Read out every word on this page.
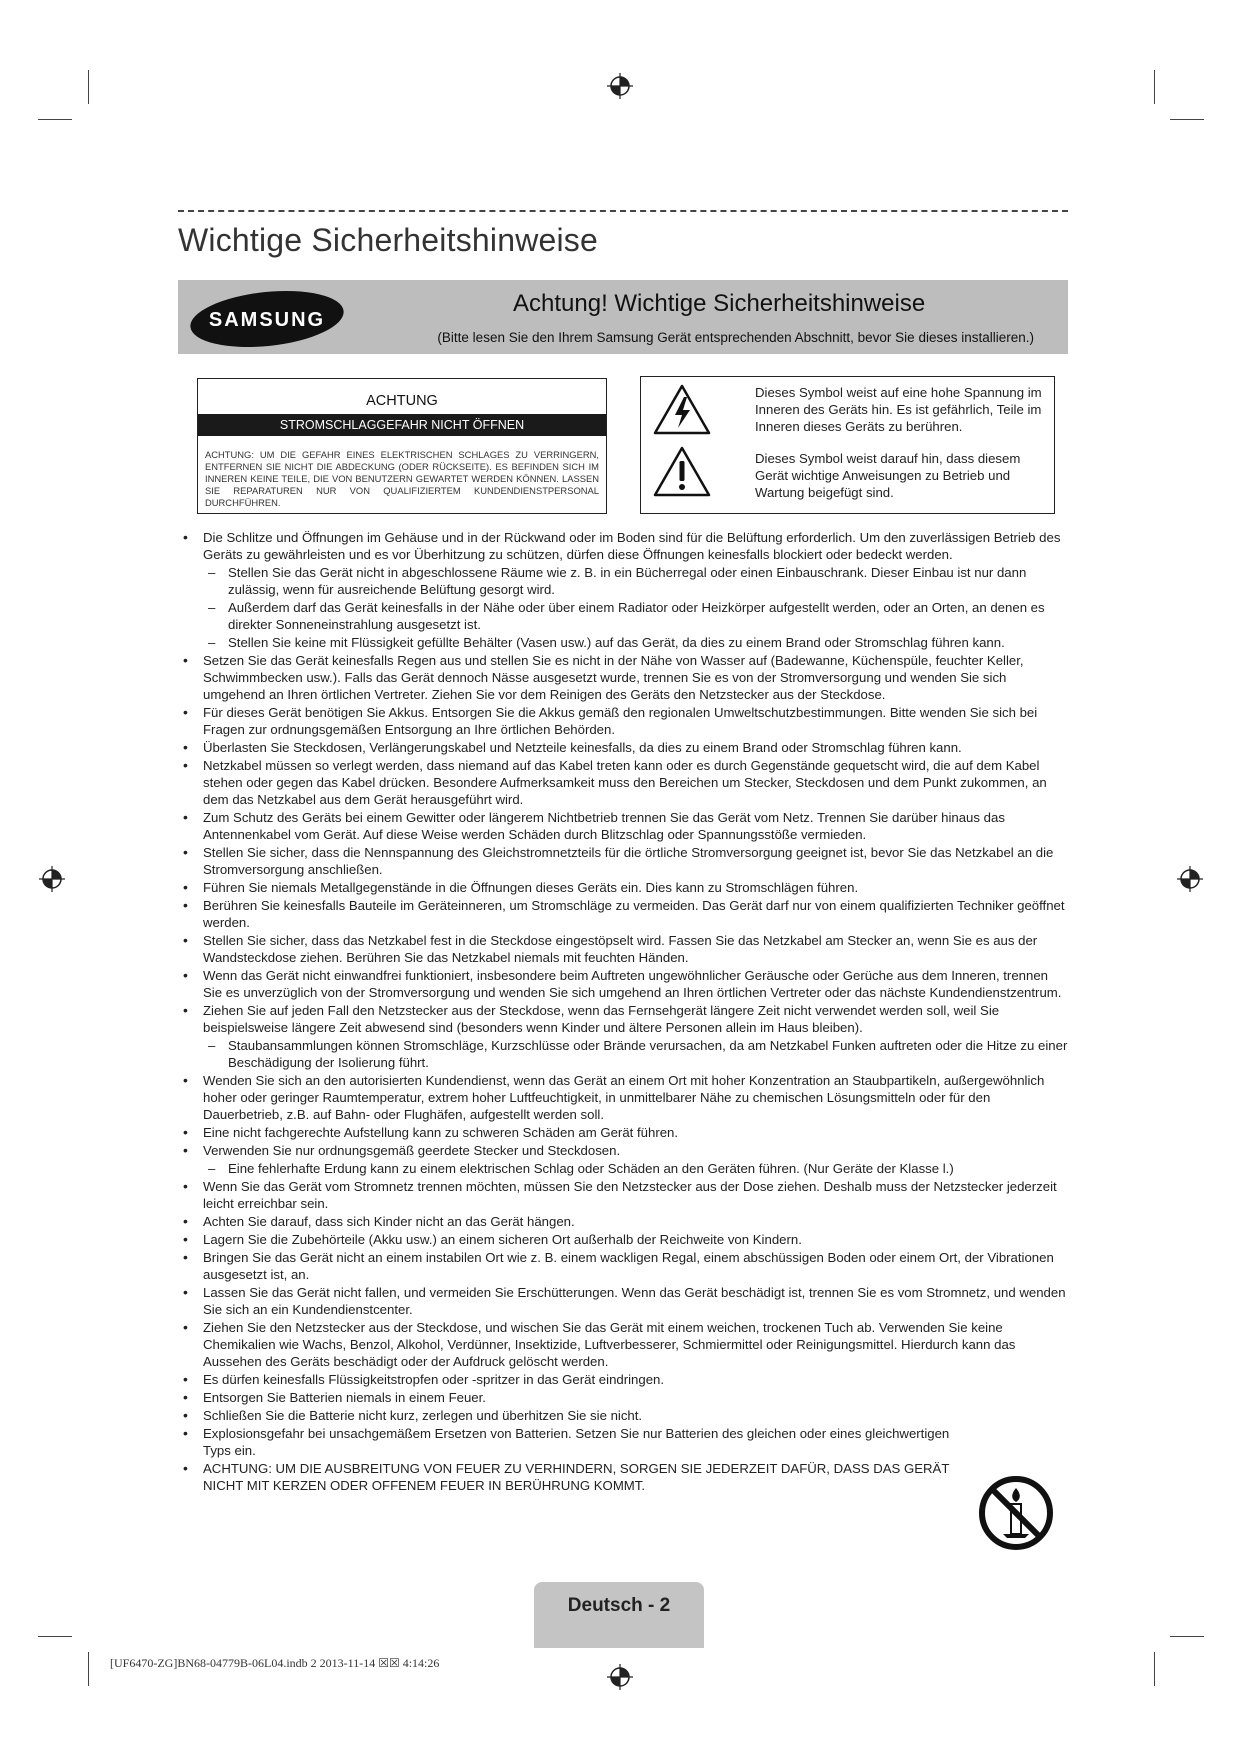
Wichtige Sicherheitshinweise
SAMSUNG
Achtung! Wichtige Sicherheitshinweise
(Bitte lesen Sie den Ihrem Samsung Gerät entsprechenden Abschnitt, bevor Sie dieses installieren.)
ACHTUNG
STROMSCHLAGGEFAHR NICHT ÖFFNEN
ACHTUNG: UM DIE GEFAHR EINES ELEKTRISCHEN SCHLAGES ZU VERRINGERN, ENTFERNEN SIE NICHT DIE ABDECKUNG (ODER RÜCKSEITE). ES BEFINDEN SICH IM INNEREN KEINE TEILE, DIE VON BENUTZERN GEWARTET WERDEN KÖNNEN. LASSEN SIE REPARATUREN NUR VON QUALIFIZIERTEM KUNDENDIENSTPERSONAL DURCHFÜHREN.
Dieses Symbol weist auf eine hohe Spannung im Inneren des Geräts hin. Es ist gefährlich, Teile im Inneren dieses Geräts zu berühren.
Dieses Symbol weist darauf hin, dass diesem Gerät wichtige Anweisungen zu Betrieb und Wartung beigefügt sind.
• Die Schlitze und Öffnungen im Gehäuse und in der Rückwand oder im Boden sind für die Belüftung erforderlich. Um den zuverlässigen Betrieb des Geräts zu gewährleisten und es vor Überhitzung zu schützen, dürfen diese Öffnungen keinesfalls blockiert oder bedeckt werden.
– Stellen Sie das Gerät nicht in abgeschlossene Räume wie z. B. in ein Bücherregal oder einen Einbauschrank. Dieser Einbau ist nur dann zulässig, wenn für ausreichende Belüftung gesorgt wird.
– Außerdem darf das Gerät keinesfalls in der Nähe oder über einem Radiator oder Heizkörper aufgestellt werden, oder an Orten, an denen es direkter Sonneneinstrahlung ausgesetzt ist.
– Stellen Sie keine mit Flüssigkeit gefüllte Behälter (Vasen usw.) auf das Gerät, da dies zu einem Brand oder Stromschlag führen kann.
• Setzen Sie das Gerät keinesfalls Regen aus und stellen Sie es nicht in der Nähe von Wasser auf (Badewanne, Küchenspüle, feuchter Keller, Schwimmbecken usw.). Falls das Gerät dennoch Nässe ausgesetzt wurde, trennen Sie es von der Stromversorgung und wenden Sie sich umgehend an Ihren örtlichen Vertreter. Ziehen Sie vor dem Reinigen des Geräts den Netzstecker aus der Steckdose.
• Für dieses Gerät benötigen Sie Akkus. Entsorgen Sie die Akkus gemäß den regionalen Umweltschutzbestimmungen. Bitte wenden Sie sich bei Fragen zur ordnungsgemäßen Entsorgung an Ihre örtlichen Behörden.
• Überlasten Sie Steckdosen, Verlängerungskabel und Netzteile keinesfalls, da dies zu einem Brand oder Stromschlag führen kann.
• Netzkabel müssen so verlegt werden, dass niemand auf das Kabel treten kann oder es durch Gegenstände gequetscht wird, die auf dem Kabel stehen oder gegen das Kabel drücken. Besondere Aufmerksamkeit muss den Bereichen um Stecker, Steckdosen und dem Punkt zukommen, an dem das Netzkabel aus dem Gerät herausgeführt wird.
• Zum Schutz des Geräts bei einem Gewitter oder längerem Nichtbetrieb trennen Sie das Gerät vom Netz. Trennen Sie darüber hinaus das Antennenkabel vom Gerät. Auf diese Weise werden Schäden durch Blitzschlag oder Spannungsstöße vermieden.
• Stellen Sie sicher, dass die Nennspannung des Gleichstromnetzteils für die örtliche Stromversorgung geeignet ist, bevor Sie das Netzkabel an die Stromversorgung anschließen.
• Führen Sie niemals Metallgegenstände in die Öffnungen dieses Geräts ein. Dies kann zu Stromschlägen führen.
• Berühren Sie keinesfalls Bauteile im Geräteinneren, um Stromschläge zu vermeiden. Das Gerät darf nur von einem qualifizierten Techniker geöffnet werden.
• Stellen Sie sicher, dass das Netzkabel fest in die Steckdose eingestöpselt wird. Fassen Sie das Netzkabel am Stecker an, wenn Sie es aus der Wandsteckdose ziehen. Berühren Sie das Netzkabel niemals mit feuchten Händen.
• Wenn das Gerät nicht einwandfrei funktioniert, insbesondere beim Auftreten ungewöhnlicher Geräusche oder Gerüche aus dem Inneren, trennen Sie es unverzüglich von der Stromversorgung und wenden Sie sich umgehend an Ihren örtlichen Vertreter oder das nächste Kundendienstzentrum.
• Ziehen Sie auf jeden Fall den Netzstecker aus der Steckdose, wenn das Fernsehgerät längere Zeit nicht verwendet werden soll, weil Sie beispielsweise längere Zeit abwesend sind (besonders wenn Kinder und ältere Personen allein im Haus bleiben).
– Staubansammlungen können Stromschläge, Kurzschlüsse oder Brände verursachen, da am Netzkabel Funken auftreten oder die Hitze zu einer Beschädigung der Isolierung führt.
• Wenden Sie sich an den autorisierten Kundendienst, wenn das Gerät an einem Ort mit hoher Konzentration an Staubpartikeln, außergewöhnlich hoher oder geringer Raumtemperatur, extrem hoher Luftfeuchtigkeit, in unmittelbarer Nähe zu chemischen Lösungsmitteln oder für den Dauerbetrieb, z.B. auf Bahn- oder Flughäfen, aufgestellt werden soll.
• Eine nicht fachgerechte Aufstellung kann zu schweren Schäden am Gerät führen.
• Verwenden Sie nur ordnungsgemäß geerdete Stecker und Steckdosen.
– Eine fehlerhafte Erdung kann zu einem elektrischen Schlag oder Schäden an den Geräten führen. (Nur Geräte der Klasse l.)
• Wenn Sie das Gerät vom Stromnetz trennen möchten, müssen Sie den Netzstecker aus der Dose ziehen. Deshalb muss der Netzstecker jederzeit leicht erreichbar sein.
• Achten Sie darauf, dass sich Kinder nicht an das Gerät hängen.
• Lagern Sie die Zubehörteile (Akku usw.) an einem sicheren Ort außerhalb der Reichweite von Kindern.
• Bringen Sie das Gerät nicht an einem instabilen Ort wie z. B. einem wackligen Regal, einem abschüssigen Boden oder einem Ort, der Vibrationen ausgesetzt ist, an.
• Lassen Sie das Gerät nicht fallen, und vermeiden Sie Erschütterungen. Wenn das Gerät beschädigt ist, trennen Sie es vom Stromnetz, und wenden Sie sich an ein Kundendienstcenter.
• Ziehen Sie den Netzstecker aus der Steckdose, und wischen Sie das Gerät mit einem weichen, trockenen Tuch ab. Verwenden Sie keine Chemikalien wie Wachs, Benzol, Alkohol, Verdünner, Insektizide, Luftverbesserer, Schmiermittel oder Reinigungsmittel. Hierdurch kann das Aussehen des Geräts beschädigt oder der Aufdruck gelöscht werden.
• Es dürfen keinesfalls Flüssigkeitstropfen oder -spritzer in das Gerät eindringen.
• Entsorgen Sie Batterien niemals in einem Feuer.
• Schließen Sie die Batterie nicht kurz, zerlegen und überhitzen Sie sie nicht.
• Explosionsgefahr bei unsachgemäßem Ersetzen von Batterien. Setzen Sie nur Batterien des gleichen oder eines gleichwertigen Typs ein.
• ACHTUNG: UM DIE AUSBREITUNG VON FEUER ZU VERHINDERN, SORGEN SIE JEDERZEIT DAFÜR, DASS DAS GERÄT NICHT MIT KERZEN ODER OFFENEM FEUER IN BERÜHRUNG KOMMT.
Deutsch - 2
[UF6470-ZG]BN68-04779B-06L04.indb 2 2013-11-14 ☒☒ 4:14:26
